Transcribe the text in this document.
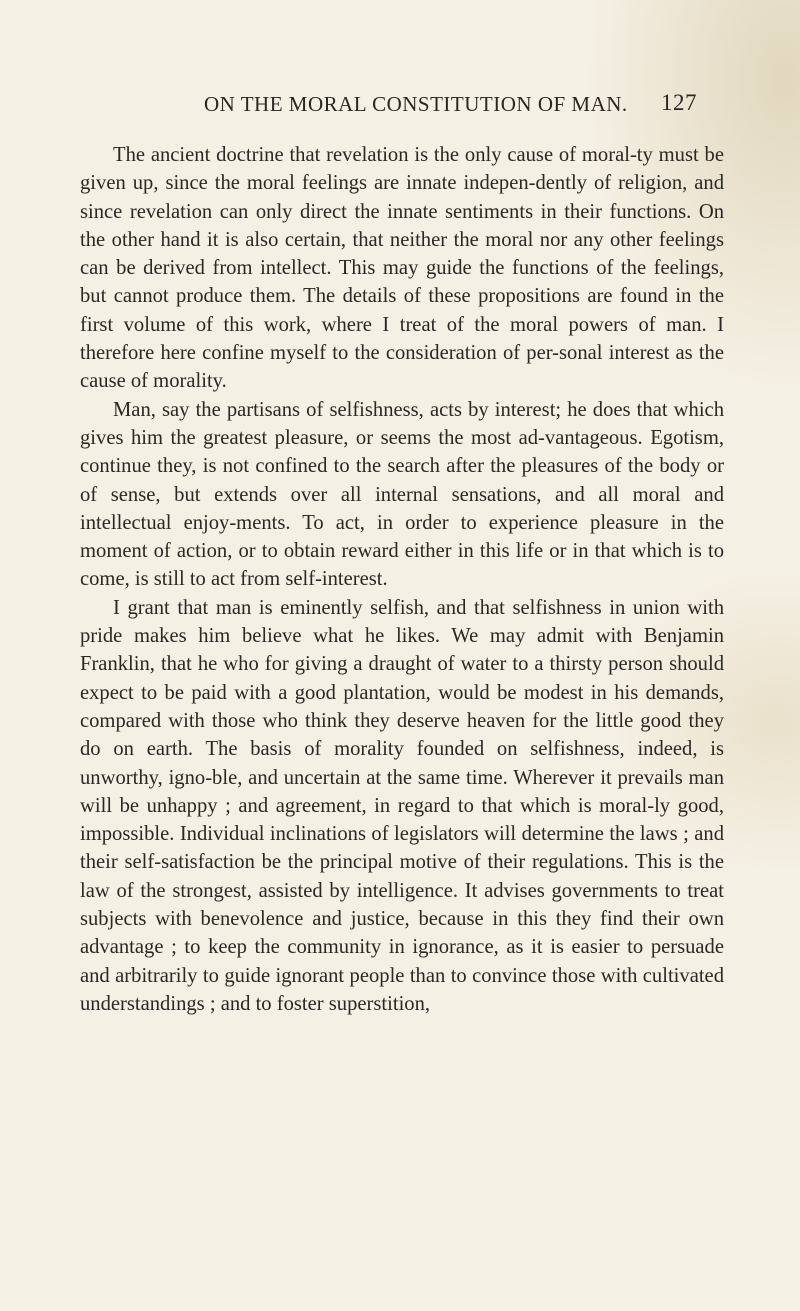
ON THE MORAL CONSTITUTION OF MAN. 127

The ancient doctrine that revelation is the only cause of moral-ty must be given up, since the moral feelings are innate indepen-dently of religion, and since revelation can only direct the innate sentiments in their functions. On the other hand it is also certain, that neither the moral nor any other feelings can be derived from intellect. This may guide the functions of the feelings, but cannot produce them. The details of these propositions are found in the first volume of this work, where I treat of the moral powers of man. I therefore here confine myself to the consideration of per-sonal interest as the cause of morality.

Man, say the partisans of selfishness, acts by interest; he does that which gives him the greatest pleasure, or seems the most ad-vantageous. Egotism, continue they, is not confined to the search after the pleasures of the body or of sense, but extends over all internal sensations, and all moral and intellectual enjoy-ments. To act, in order to experience pleasure in the moment of action, or to obtain reward either in this life or in that which is to come, is still to act from self-interest.

I grant that man is eminently selfish, and that selfishness in union with pride makes him believe what he likes. We may admit with Benjamin Franklin, that he who for giving a draught of water to a thirsty person should expect to be paid with a good plantation, would be modest in his demands, compared with those who think they deserve heaven for the little good they do on earth. The basis of morality founded on selfishness, indeed, is unworthy, igno-ble, and uncertain at the same time. Wherever it prevails man will be unhappy ; and agreement, in regard to that which is moral-ly good, impossible. Individual inclinations of legislators will determine the laws ; and their self-satisfaction be the principal motive of their regulations. This is the law of the strongest, assisted by intelligence. It advises governments to treat subjects with benevolence and justice, because in this they find their own advantage ; to keep the community in ignorance, as it is easier to persuade and arbitrarily to guide ignorant people than to convince those with cultivated understandings ; and to foster superstition,
